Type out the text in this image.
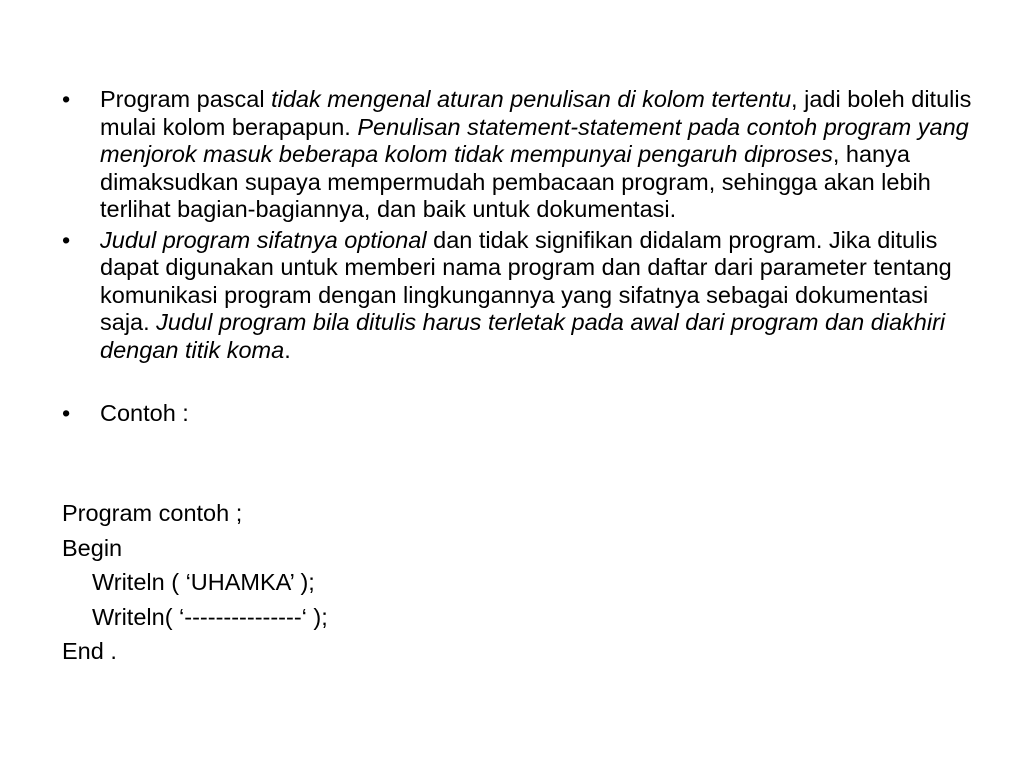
•	Program pascal tidak mengenal aturan penulisan di kolom tertentu, jadi boleh ditulis mulai kolom berapapun. Penulisan statement-statement pada contoh program yang menjorok masuk beberapa kolom tidak mempunyai pengaruh diproses, hanya dimaksudkan supaya mempermudah pembacaan program, sehingga akan lebih terlihat bagian-bagiannya, dan baik untuk dokumentasi.
•	Judul program sifatnya optional dan tidak signifikan didalam program. Jika ditulis dapat digunakan untuk memberi nama program dan daftar dari parameter tentang komunikasi program dengan lingkungannya yang sifatnya sebagai dokumentasi saja. Judul program bila ditulis harus terletak pada awal dari program dan diakhiri dengan titik koma.
•	Contoh :
Program contoh ;
Begin
Writeln ( ‘UHAMKA’ );
Writeln( ‘---------------‘ );
End .
